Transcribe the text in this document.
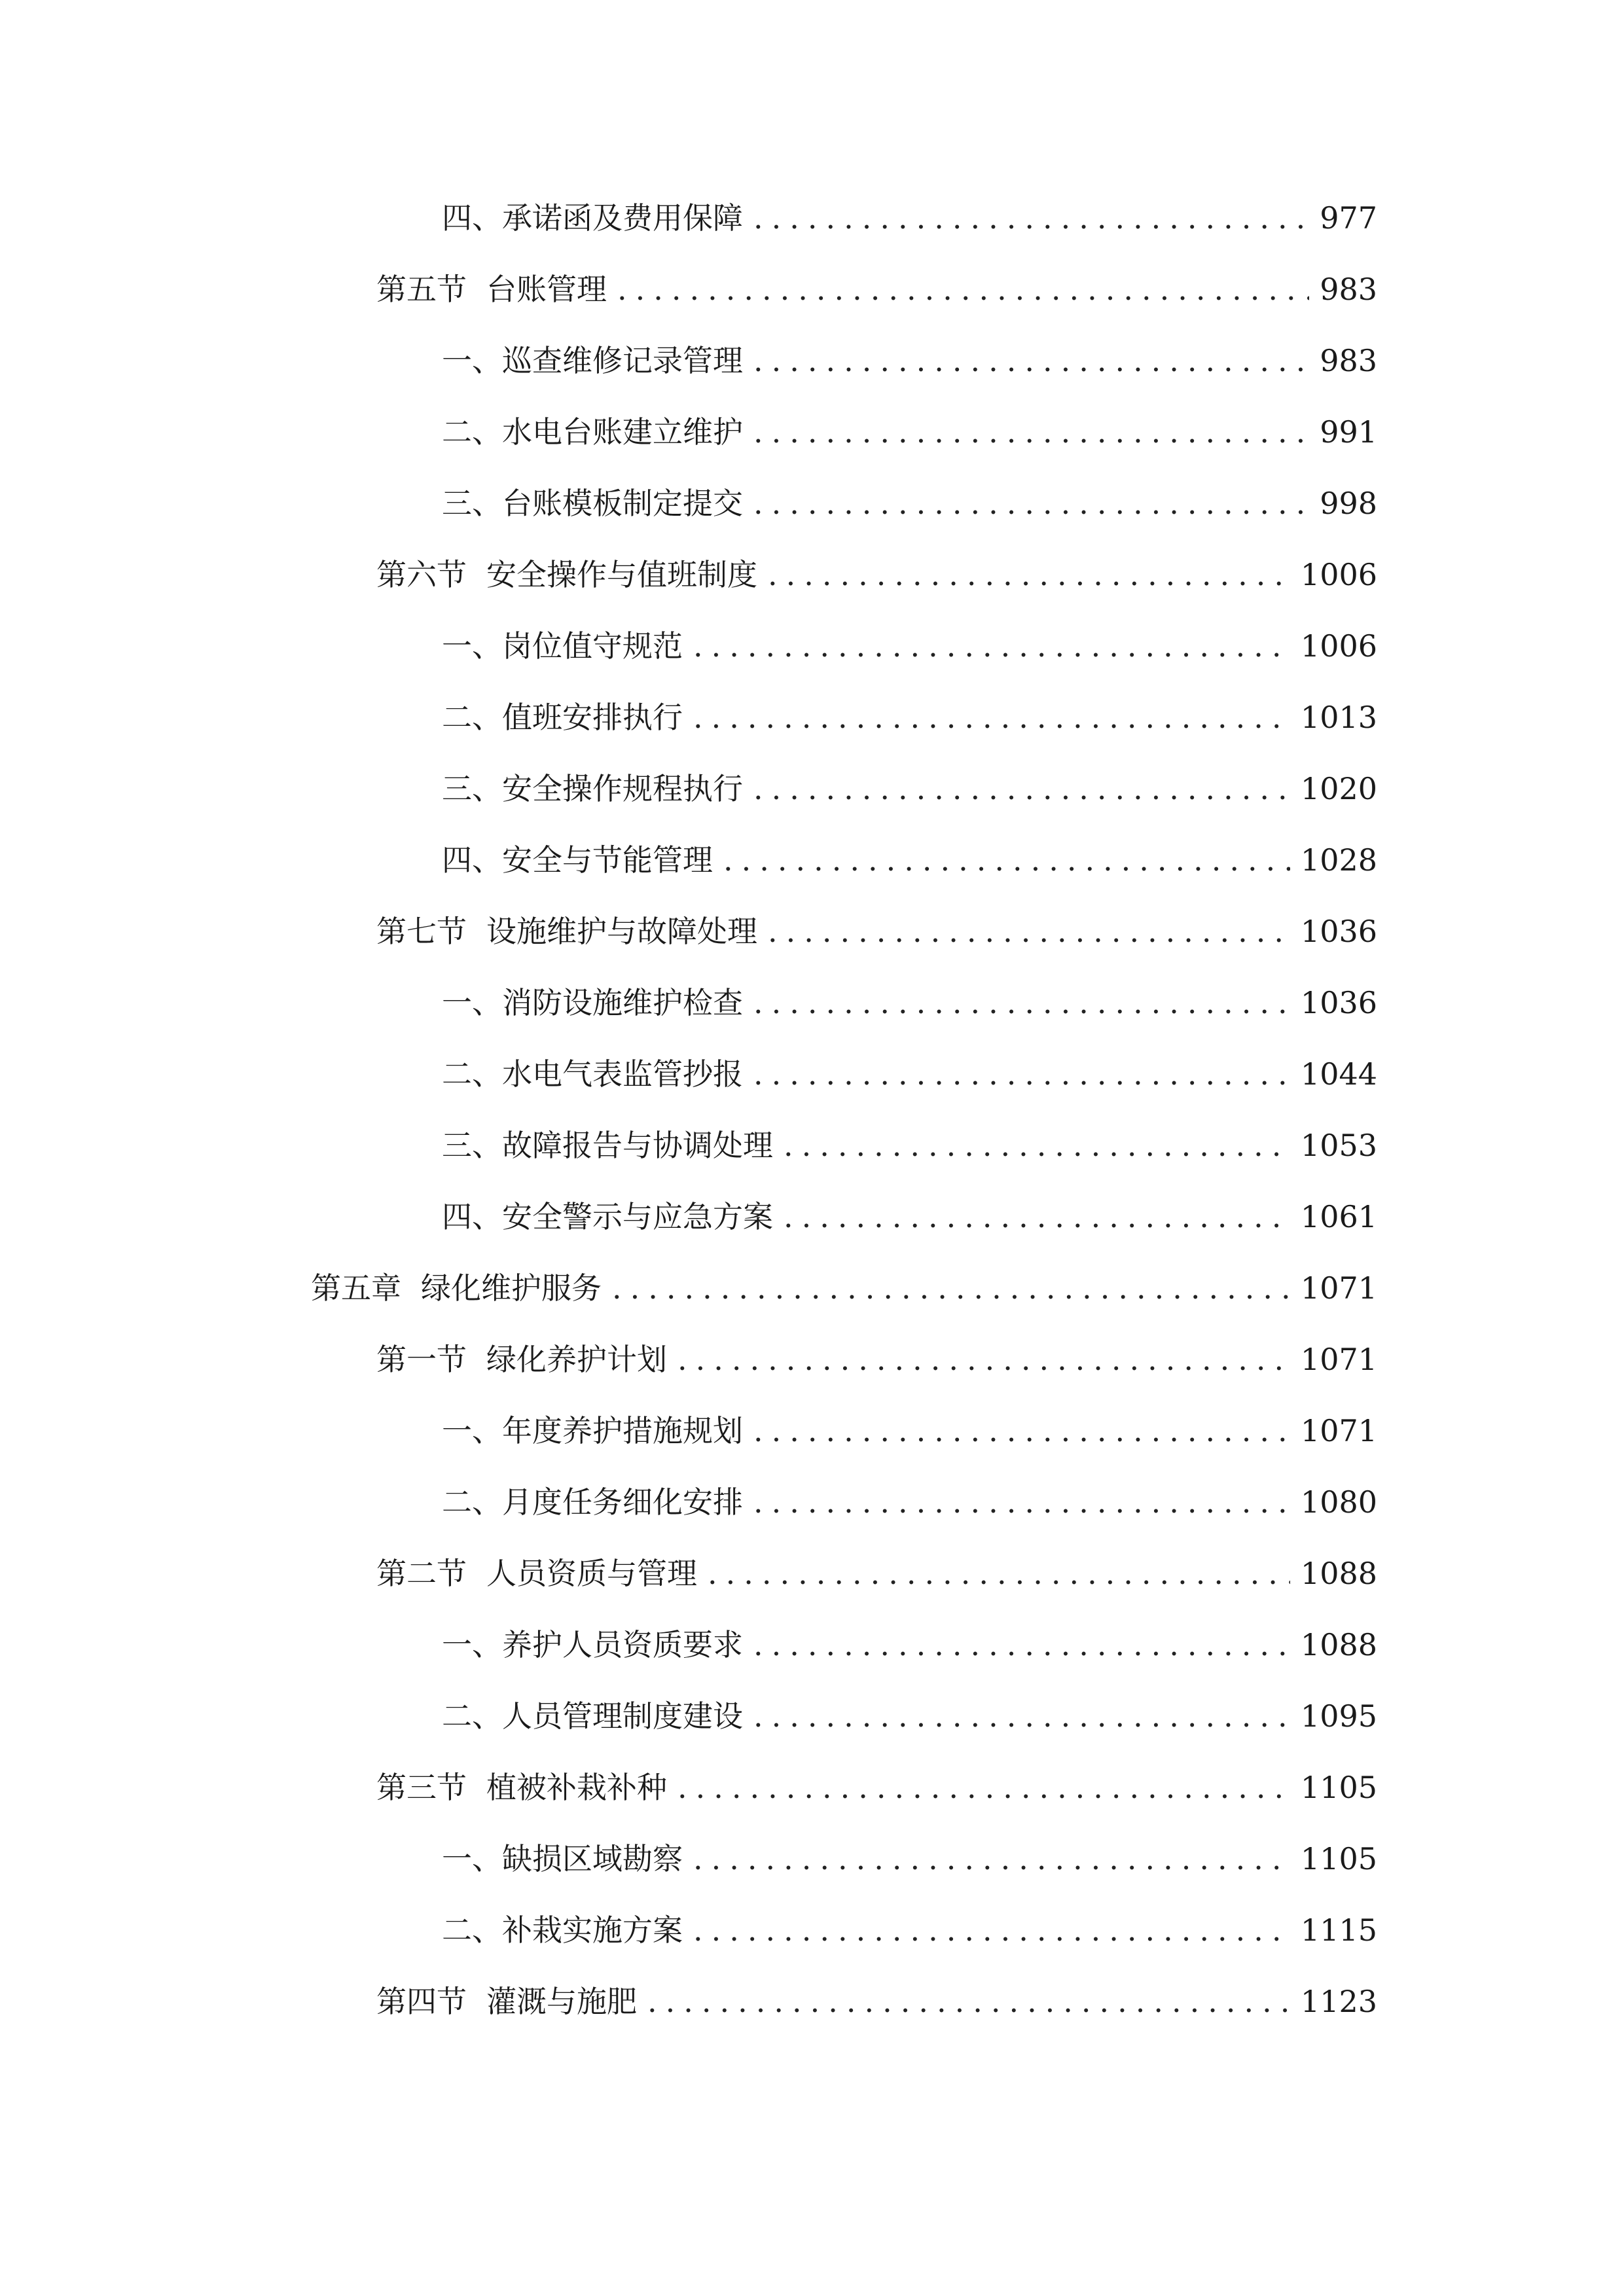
四、 承诺函及费用保障 .....	977
第五节 台账管理 .....	983
一、 巡查维修记录管理 .....	983
二、 水电台账建立维护 .....	991
三、 台账模板制定提交 .....	998
第六节 安全操作与值班制度 .....	1006
一、 岗位值守规范 .....	1006
二、 值班安排执行 .....	1013
三、 安全操作规程执行 .....	1020
四、 安全与节能管理 .....	1028
第七节 设施维护与故障处理 .....	1036
一、 消防设施维护检查 .....	1036
二、 水电气表监管抄报 .....	1044
三、 故障报告与协调处理 .....	1053
四、 安全警示与应急方案 .....	1061
第五章 绿化维护服务 .....	1071
第一节 绿化养护计划 .....	1071
一、 年度养护措施规划 .....	1071
二、 月度任务细化安排 .....	1080
第二节 人员资质与管理 .....	1088
一、 养护人员资质要求 .....	1088
二、 人员管理制度建设 .....	1095
第三节 植被补栽补种 .....	1105
一、 缺损区域勘察 .....	1105
二、 补栽实施方案 .....	1115
第四节 灌溉与施肥 .....	1123
